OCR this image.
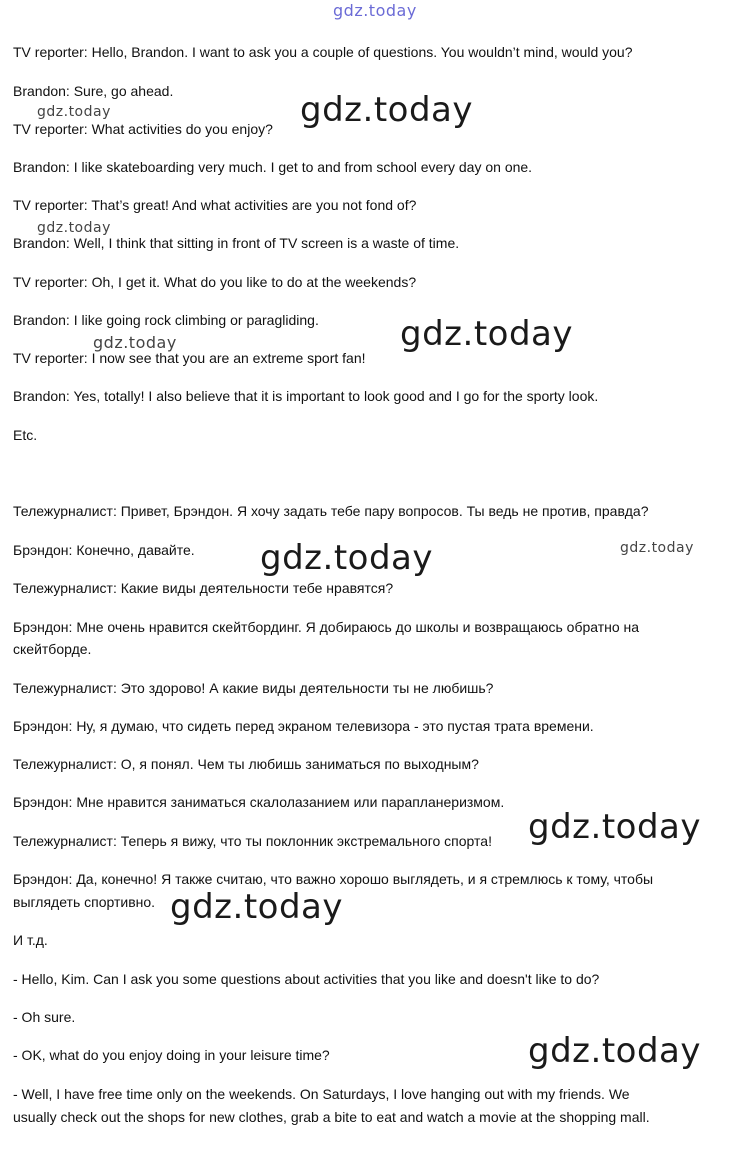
gdz.today

TV reporter: Hello, Brandon. I want to ask you a couple of questions. You wouldn’t mind, would you?

Brandon: Sure, go ahead.

TV reporter: What activities do you enjoy?

Brandon: I like skateboarding very much. I get to and from school every day on one.

TV reporter: That’s great! And what activities are you not fond of?

Brandon: Well, I think that sitting in front of TV screen is a waste of time.

TV reporter: Oh, I get it. What do you like to do at the weekends?

Brandon: I like going rock climbing or paragliding.

TV reporter: I now see that you are an extreme sport fan!

Brandon: Yes, totally! I also believe that it is important to look good and I go for the sporty look.

Etc.

Тележурналист: Привет, Брэндон. Я хочу задать тебе пару вопросов. Ты ведь не против, правда?

Брэндон: Конечно, давайте.

Тележурналист: Какие виды деятельности тебе нравятся?

Брэндон: Мне очень нравится скейтбординг. Я добираюсь до школы и возвращаюсь обратно на

скейтборде.

Тележурналист: Это здорово! А какие виды деятельности ты не любишь?

Брэндон: Ну, я думаю, что сидеть перед экраном телевизора - это пустая трата времени.

Тележурналист: О, я понял. Чем ты любишь заниматься по выходным?

Брэндон: Мне нравится заниматься скалолазанием или парапланеризмом.

Тележурналист: Теперь я вижу, что ты поклонник экстремального спорта!

Брэндон: Да, конечно! Я также считаю, что важно хорошо выглядеть, и я стремлюсь к тому, чтобы

выглядеть спортивно.

И т.д.

- Hello, Kim. Can I ask you some questions about activities that you like and doesn't like to do?

- Oh sure.

- OK, what do you enjoy doing in your leisure time?

- Well, I have free time only on the weekends. On Saturdays, I love hanging out with my friends. We

usually check out the shops for new clothes, grab a bite to eat and watch a movie at the shopping mall.

gdz.today	gdz.today
gdz.today
gdz.today
gdz.today
gdz.today	gdz.today
gdz.today
gdz.today
gdz.today
